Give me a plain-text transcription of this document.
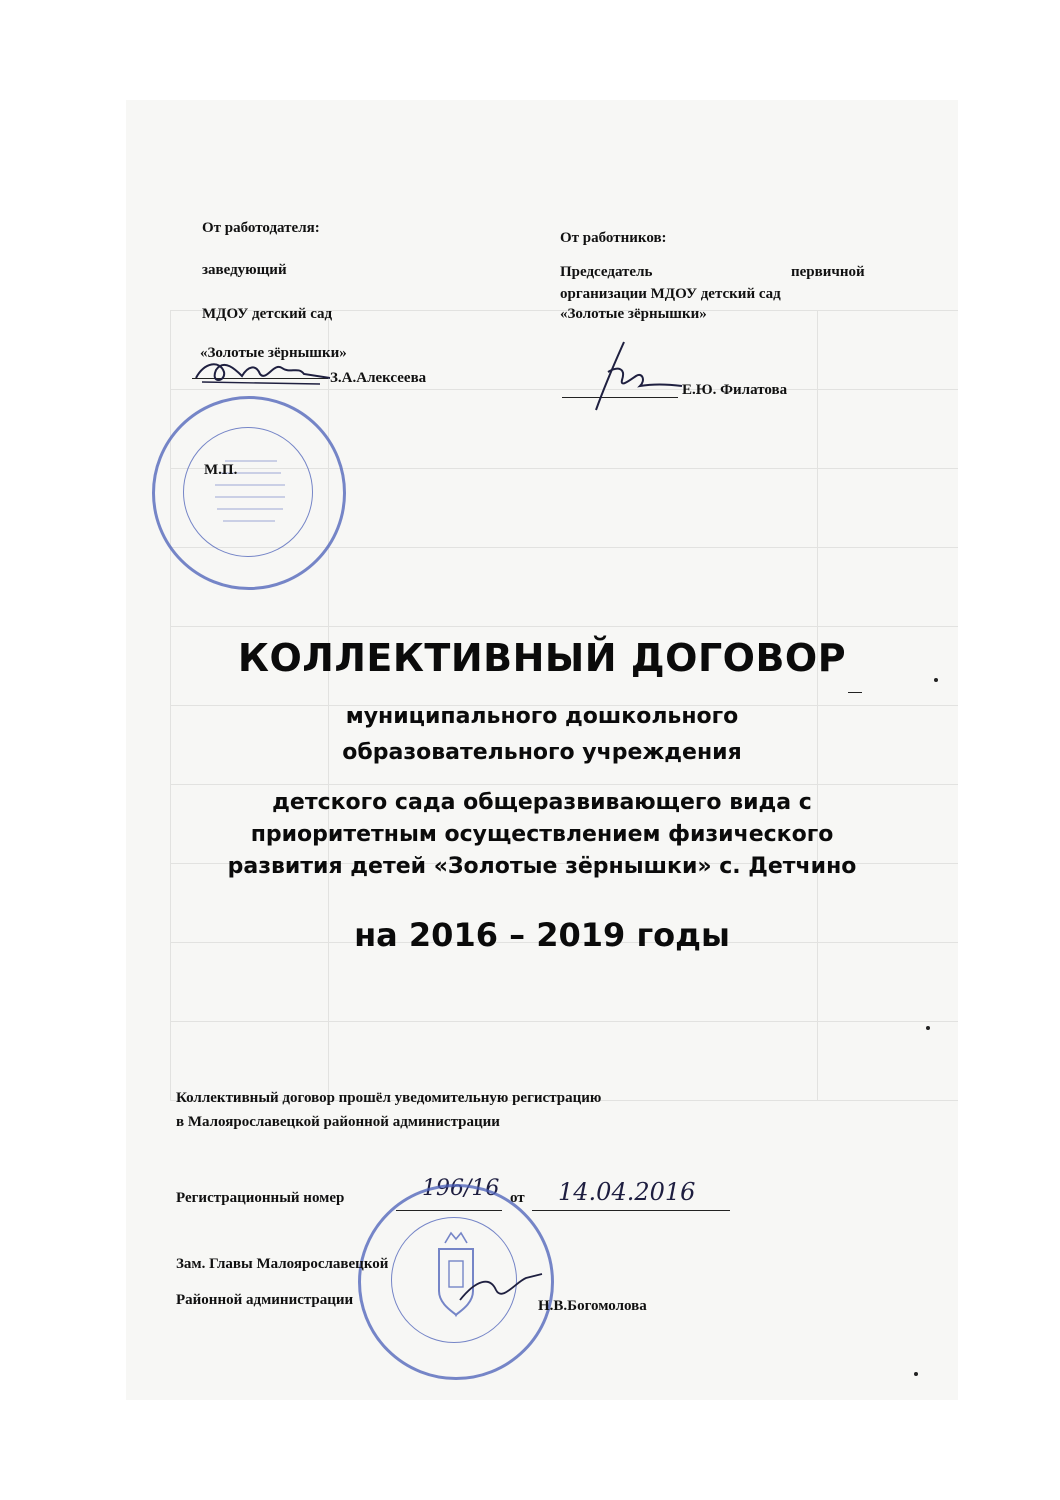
От работодателя:
заведующий
МДОУ детский сад
«Золотые зёрнышки»
З.А.Алексеева
М.П.
От работников:
Председатель	первичной
организации МДОУ детский сад
«Золотые зёрнышки»
Е.Ю. Филатова
КОЛЛЕКТИВНЫЙ ДОГОВОР
муниципального дошкольного
образовательного учреждения
детского сада общеразвивающего вида с
приоритетным осуществлением физического
развития детей «Золотые зёрнышки» с. Детчино
на 2016 – 2019 годы
Коллективный договор прошёл уведомительную регистрацию
в Малоярославецкой районной администрации
Регистрационный номер	196/16 от 14.04.2016
Зам. Главы Малоярославецкой
Районной администрации	Н.В.Богомолова
